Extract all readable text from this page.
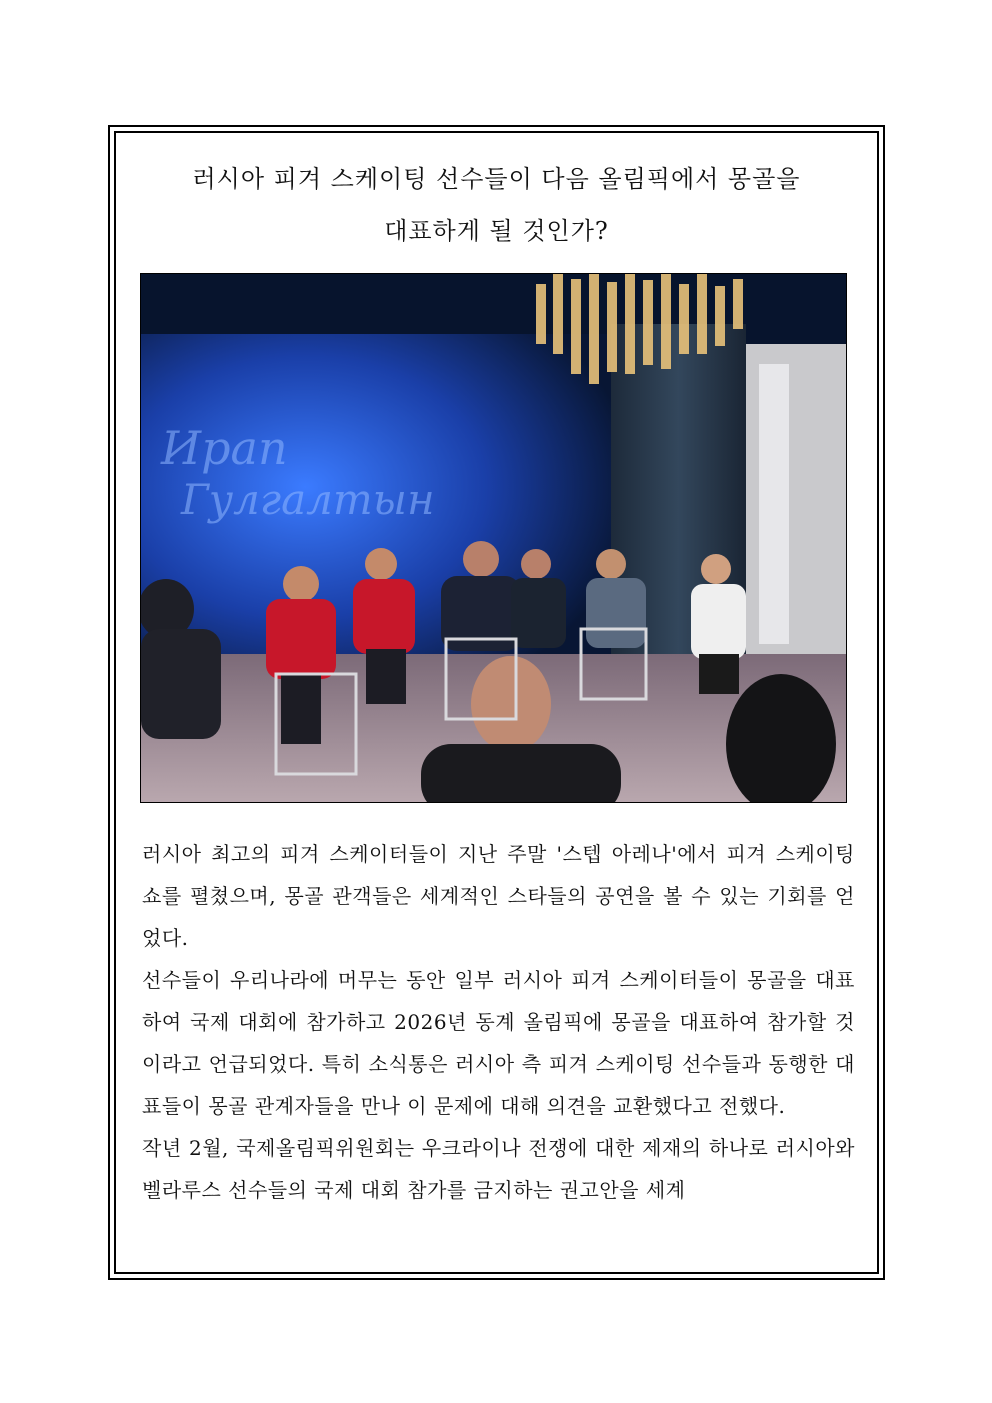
러시아 피겨 스케이팅 선수들이 다음 올림픽에서 몽골을
대표하게 될 것인가?
Ираn
Гулгалтын

러시아 최고의 피겨 스케이터들이 지난 주말 '스텝 아레나'에서 피겨 스케이팅 쇼를 펼쳤으며, 몽골 관객들은 세계적인 스타들의 공연을 볼 수 있는 기회를 얻었다.

선수들이 우리나라에 머무는 동안 일부 러시아 피겨 스케이터들이 몽골을 대표하여 국제 대회에 참가하고 2026년 동계 올림픽에 몽골을 대표하여 참가할 것이라고 언급되었다. 특히 소식통은 러시아 측 피겨 스케이팅 선수들과 동행한 대표들이 몽골 관계자들을 만나 이 문제에 대해 의견을 교환했다고 전했다.

작년 2월, 국제올림픽위원회는 우크라이나 전쟁에 대한 제재의 하나로 러시아와 벨라루스 선수들의 국제 대회 참가를 금지하는 권고안을 세계
